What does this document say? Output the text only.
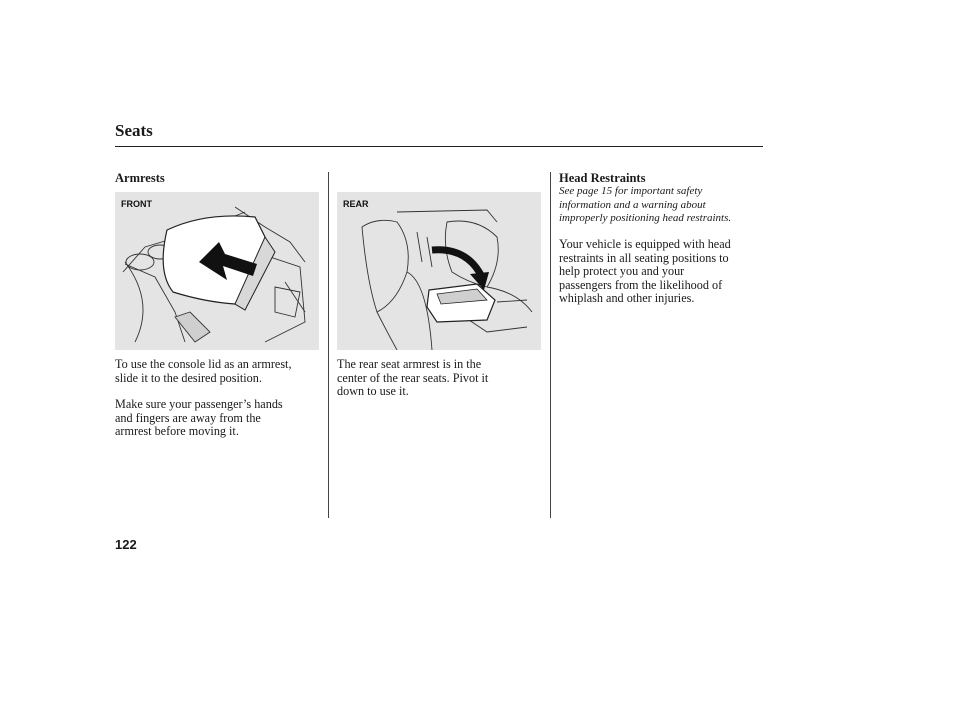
Seats
Armrests
FRONT

To use the console lid as an armrest,

slide it to the desired position.

Make sure your passenger’s hands

and fingers are away from the

armrest before moving it.

REAR

The rear seat armrest is in the

center of the rear seats. Pivot it

down to use it.

Head Restraints
See page 15 for important safety
information and a warning about
improperly positioning head restraints.

Your vehicle is equipped with head

restraints in all seating positions to

help protect you and your

passengers from the likelihood of

whiplash and other injuries.

122
